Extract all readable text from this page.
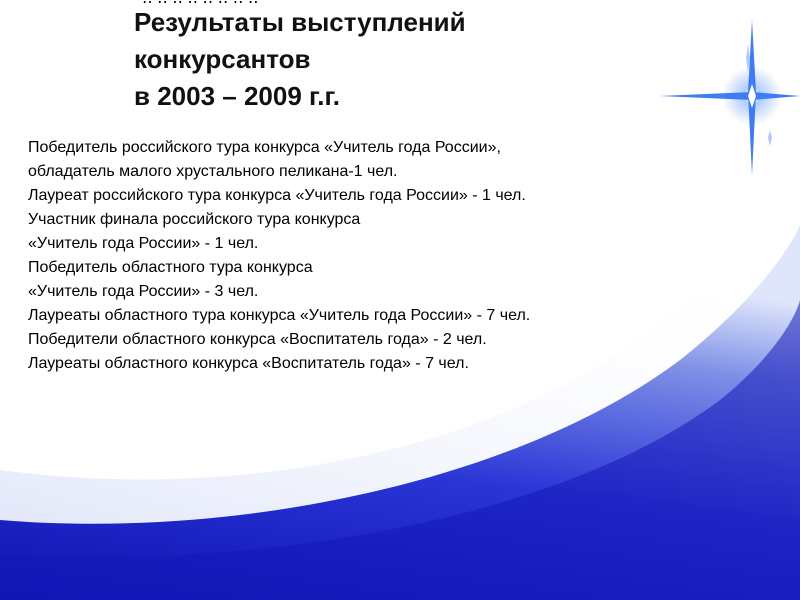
Результаты выступлений
конкурсантов
в 2003 – 2009 г.г.
Победитель российского тура конкурса «Учитель года России»,
обладатель малого хрустального пеликана-1 чел.
Лауреат российского тура конкурса «Учитель года России» - 1 чел.
Участник финала российского тура конкурса
«Учитель года России» - 1 чел.
Победитель областного тура конкурса
«Учитель года России» - 3 чел.
Лауреаты областного тура конкурса «Учитель года России» - 7 чел.
Победители областного конкурса «Воспитатель года» - 2 чел.
Лауреаты областного конкурса «Воспитатель года» - 7 чел.
